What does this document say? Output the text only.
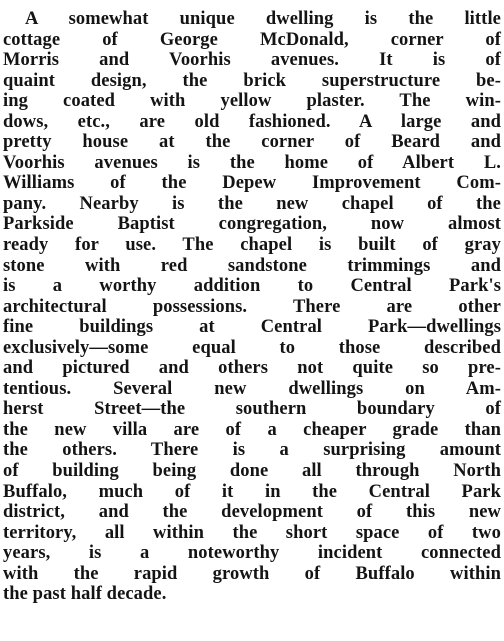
A somewhat unique dwelling is the little
cottage of George McDonald, corner of
Morris and Voorhis avenues. It is of
quaint design, the brick superstructure be-
ing coated with yellow plaster. The win-
dows, etc., are old fashioned. A large and
pretty house at the corner of Beard and
Voorhis avenues is the home of Albert L.
Williams of the Depew Improvement Com-
pany. Nearby is the new chapel of the
Parkside Baptist congregation, now almost
ready for use. The chapel is built of gray
stone with red sandstone trimmings and
is a worthy addition to Central Park's
architectural possessions. There are other
fine buildings at Central Park—dwellings
exclusively—some equal to those described
and pictured and others not quite so pre-
tentious. Several new dwellings on Am-
herst Street—the southern boundary of
the new villa are of a cheaper grade than
the others. There is a surprising amount
of building being done all through North
Buffalo, much of it in the Central Park
district, and the development of this new
territory, all within the short space of two
years, is a noteworthy incident connected
with the rapid growth of Buffalo within
the past half decade.
